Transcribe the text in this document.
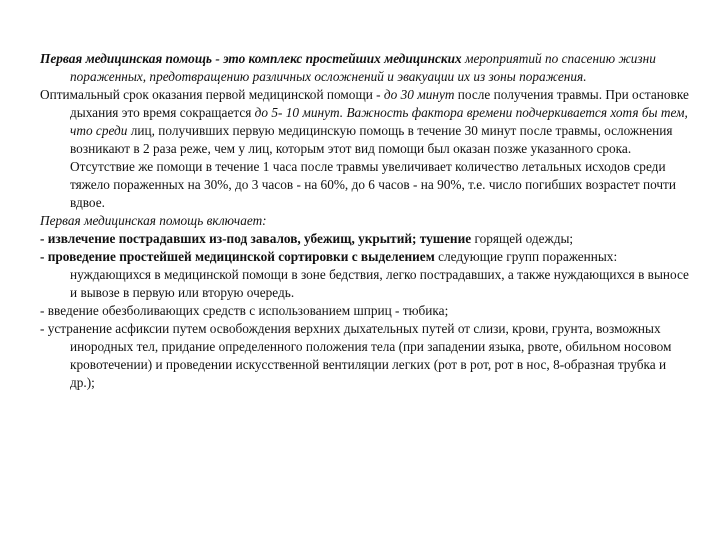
Первая медицинская помощь - это комплекс простейших медицинских мероприятий по спасению жизни пораженных, предотвращению различных осложнений и эвакуации их из зоны поражения.

Оптимальный срок оказания первой медицинской помощи - до 30 минут после получения травмы. При остановке дыхания это время сокращается до 5- 10 минут. Важность фактора времени подчеркивается хотя бы тем, что среди лиц, получивших первую медицинскую помощь в течение 30 минут после травмы, осложнения возникают в 2 раза реже, чем у лиц, которым этот вид помощи был оказан позже указанного срока. Отсутствие же помощи в течение 1 часа после травмы увеличивает количество летальных исходов среди тяжело пораженных на 30%, до 3 часов - на 60%, до 6 часов - на 90%, т.е. число погибших возрастет почти вдвое.

Первая медицинская помощь включает:

- извлечение пострадавших из-под завалов, убежищ, укрытий; тушение горящей одежды;

- проведение простейшей медицинской сортировки с выделением следующие групп пораженных: нуждающихся в медицинской помощи в зоне бедствия, легко пострадавших, а также нуждающихся в выносе и вывозе в первую или вторую очередь.

- введение обезболивающих средств с использованием шприц - тюбика;

- устранение асфиксии путем освобождения верхних дыхательных путей от слизи, крови, грунта, возможных инородных тел, придание определенного положения тела (при западении языка, рвоте, обильном носовом кровотечении) и проведении искусственной вентиляции легких (рот в рот, рот в нос, 8-образная трубка и др.);
